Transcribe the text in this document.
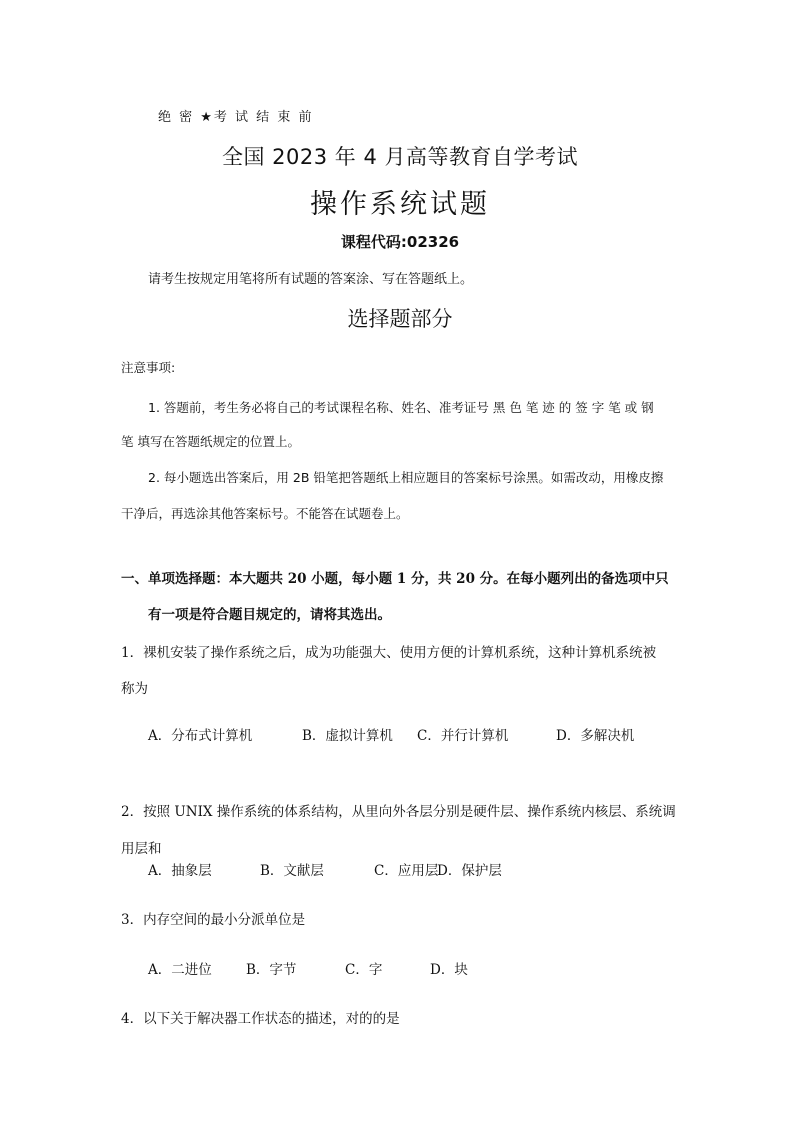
绝 密 ★考 试 结 束 前
全国 2023 年 4 月高等教育自学考试
操作系统试题
课程代码:02326
请考生按规定用笔将所有试题的答案涂、写在答题纸上。
选择题部分
注意事项:
1. 答题前，考生务必将自己的考试课程名称、姓名、准考证号 黑 色 笔 迹 的 签 字 笔 或 钢
笔 填写在答题纸规定的位置上。
2. 每小题选出答案后，用 2B 铅笔把答题纸上相应题目的答案标号涂黑。如需改动，用橡皮擦
干净后，再选涂其他答案标号。不能答在试题卷上。
一、单项选择题：本大题共 20 小题，每小题 1 分，共 20 分。在每小题列出的备选项中只
有一项是符合题目规定的，请将其选出。
1．裸机安装了操作系统之后，成为功能强大、使用方便的计算机系统，这种计算机系统被
称为
A．分布式计算机	B．虚拟计算机 C．并行计算机	D．多解决机
2．按照 UNIX 操作系统的体系结构，从里向外各层分别是硬件层、操作系统内核层、系统调
用层和
A．抽象层	B．文献层	C．应用层
D．保护层
3．内存空间的最小分派单位是
A．二进位	B．字节	C．字	D．块
4．以下关于解决器工作状态的描述，对的的是
